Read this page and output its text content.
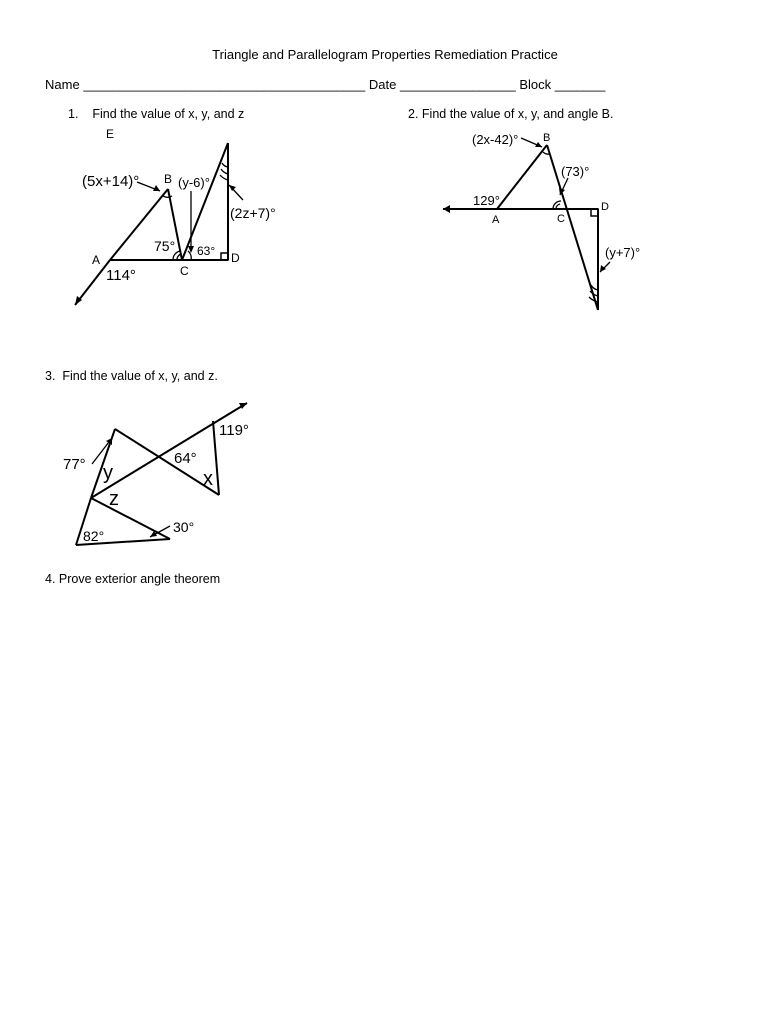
Triangle and Parallelogram Properties Remediation Practice
Name _______________________________________ Date ________________ Block _______
1. Find the value of x, y, and z
E
B
A
C
D
(5x+14)°	(y-6)°
(2z+7)°
75° 63°
114°
2. Find the value of x, y, and angle B.
B
A	C
D
(2x-42)°
(73)°
129°
(y+7)°
3. Find the value of x, y, and z.
119°
77°	64°
y	x
z
82°
30°
4. Prove exterior angle theorem
